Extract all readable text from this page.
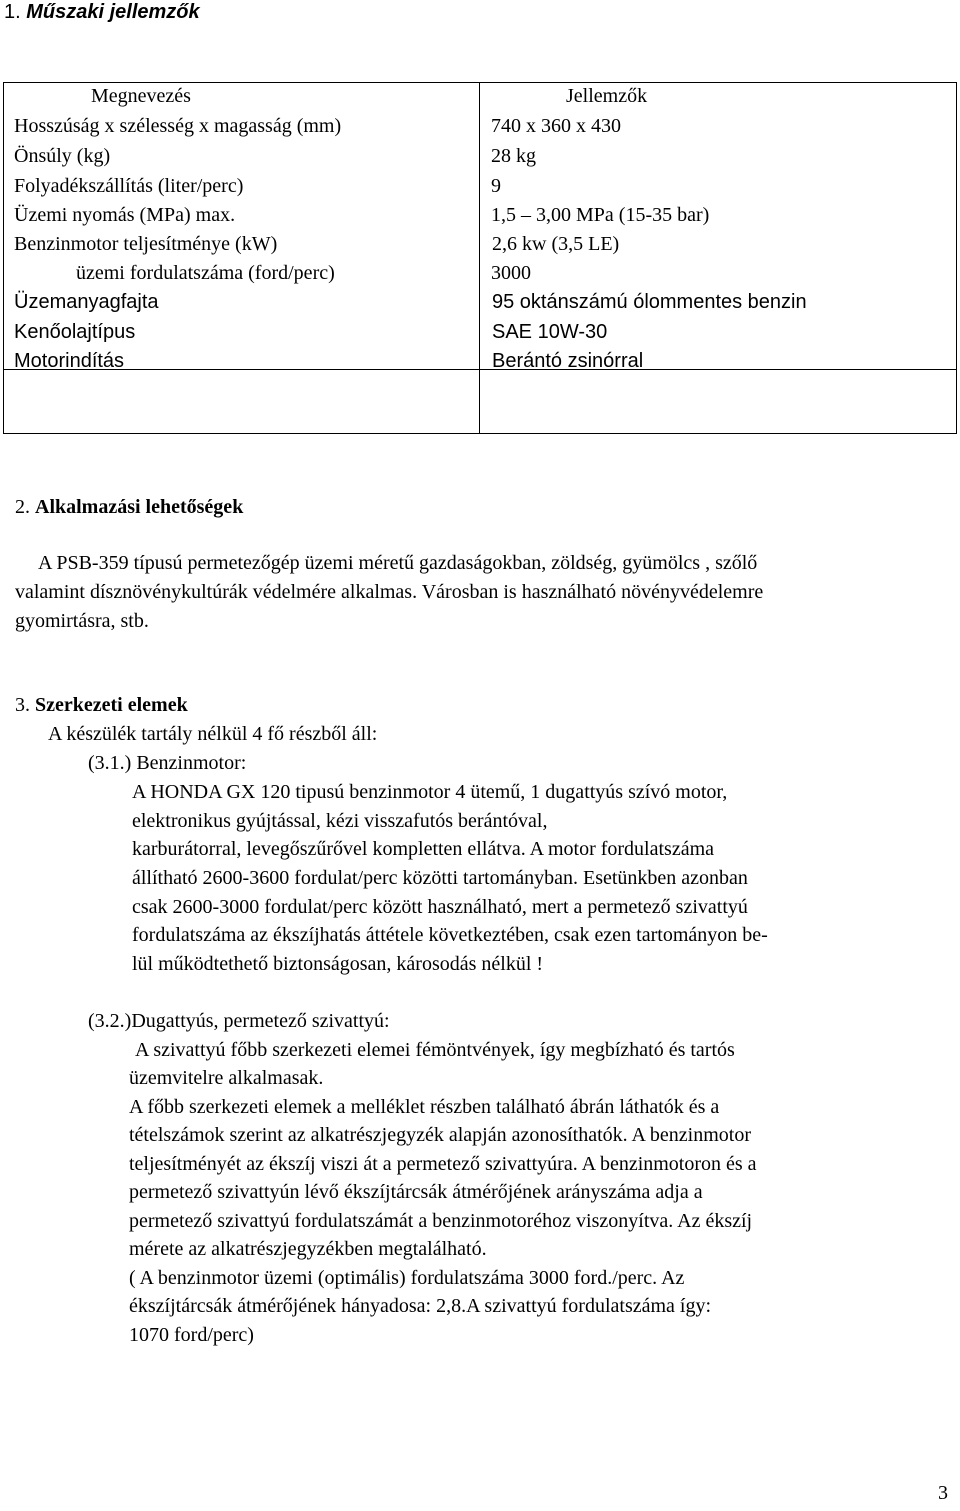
1. Műszaki jellemzők
Megnevezés	Jellemzők
Hosszúság x szélesség x magasság (mm)	740 x 360 x 430
Önsúly (kg)	28 kg
Folyadékszállítás (liter/perc)	9
Üzemi nyomás (MPa) max.	1,5 – 3,00 MPa (15-35 bar)
Benzinmotor teljesítménye (kW)	2,6 kw (3,5 LE)
üzemi fordulatszáma (ford/perc)	3000
Üzemanyagfajta	95 oktánszámú ólommentes benzin
Kenőolajtípus	SAE 10W-30
Motorindítás	Berántó zsinórral
2. Alkalmazási lehetőségek
A PSB-359 típusú permetezőgép üzemi méretű gazdaságokban, zöldség, gyümölcs , szőlő
valamint dísznövénykultúrák védelmére alkalmas. Városban is használható növényvédelemre
gyomirtásra, stb.
3. Szerkezeti elemek
A készülék tartály nélkül 4 fő részből áll:
(3.1.) Benzinmotor:
A HONDA GX 120 tipusú benzinmotor 4 ütemű, 1 dugattyús szívó motor,
elektronikus gyújtással, kézi visszafutós berántóval,
karburátorral, levegőszűrővel kompletten ellátva. A motor fordulatszáma
állítható 2600-3600 fordulat/perc közötti tartományban. Esetünkben azonban
csak 2600-3000 fordulat/perc között használható, mert a permetező szivattyú
fordulatszáma az ékszíjhatás áttétele következtében, csak ezen tartományon be-
lül működtethető biztonságosan, károsodás nélkül !
(3.2.)Dugattyús, permetező szivattyú:
A szivattyú főbb szerkezeti elemei fémöntvények, így megbízható és tartós
üzemvitelre alkalmasak.
A főbb szerkezeti elemek a melléklet részben található ábrán láthatók és a
tételszámok szerint az alkatrészjegyzék alapján azonosíthatók. A benzinmotor
teljesítményét az ékszíj viszi át a permetező szivattyúra. A benzinmotoron és a
permetező szivattyún lévő ékszíjtárcsák átmérőjének arányszáma adja a
permetező szivattyú fordulatszámát a benzinmotoréhoz viszonyítva. Az ékszíj
mérete az alkatrészjegyzékben megtalálható.
( A benzinmotor üzemi (optimális) fordulatszáma 3000 ford./perc. Az
ékszíjtárcsák átmérőjének hányadosa: 2,8.A szivattyú fordulatszáma így:
1070 ford/perc)
3
